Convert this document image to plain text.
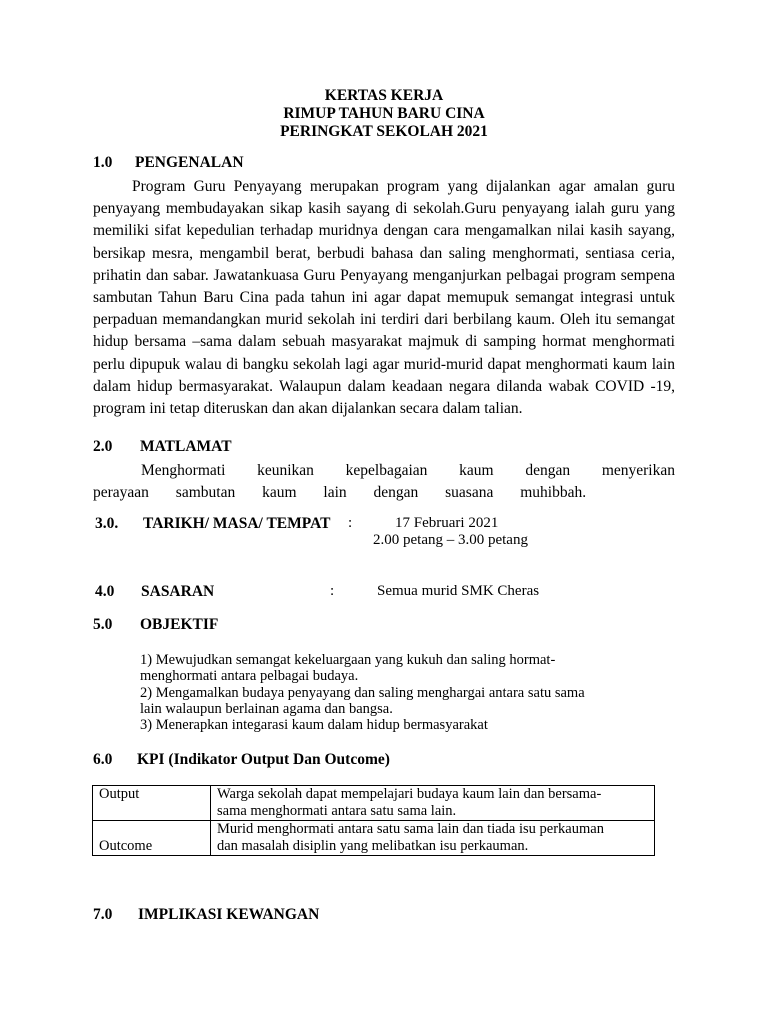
KERTAS KERJA
RIMUP TAHUN BARU CINA
PERINGKAT SEKOLAH 2021
1.0 PENGENALAN
Program Guru Penyayang merupakan program yang dijalankan agar amalan guru
penyayang membudayakan sikap kasih sayang di sekolah.Guru penyayang ialah guru yang
memiliki sifat kepedulian terhadap muridnya dengan cara mengamalkan nilai kasih sayang,
bersikap mesra, mengambil berat, berbudi bahasa dan saling menghormati, sentiasa ceria,
prihatin dan sabar. Jawatankuasa Guru Penyayang menganjurkan pelbagai program sempena
sambutan Tahun Baru Cina pada tahun ini agar dapat memupuk semangat integrasi untuk
perpaduan memandangkan murid sekolah ini terdiri dari berbilang kaum. Oleh itu semangat
hidup bersama –sama dalam sebuah masyarakat majmuk di samping hormat menghormati
perlu dipupuk walau di bangku sekolah lagi agar murid-murid dapat menghormati kaum lain
dalam hidup bermasyarakat. Walaupun dalam keadaan negara dilanda wabak COVID -19,
program ini tetap diteruskan dan akan dijalankan secara dalam talian.
2.0 MATLAMAT
Menghormati keunikan kepelbagaian kaum dengan menyerikan
perayaan sambutan kaum lain dengan suasana muhibbah.
3.0. TARIKH/ MASA/ TEMPAT :	17 Februari 2021
2.00 petang – 3.00 petang
4.0 SASARAN	:	Semua murid SMK Cheras
5.0 OBJEKTIF
1) Mewujudkan semangat kekeluargaan yang kukuh dan saling hormat-
menghormati antara pelbagai budaya.
2) Mengamalkan budaya penyayang dan saling menghargai antara satu sama
lain walaupun berlainan agama dan bangsa.
3) Menerapkan integarasi kaum dalam hidup bermasyarakat
6.0 KPI (Indikator Output Dan Outcome)
Output	Warga sekolah dapat mempelajari budaya kaum lain dan bersama-
sama menghormati antara satu sama lain.

Outcome	Murid menghormati antara satu sama lain dan tiada isu perkauman
dan masalah disiplin yang melibatkan isu perkauman.
7.0 IMPLIKASI KEWANGAN
